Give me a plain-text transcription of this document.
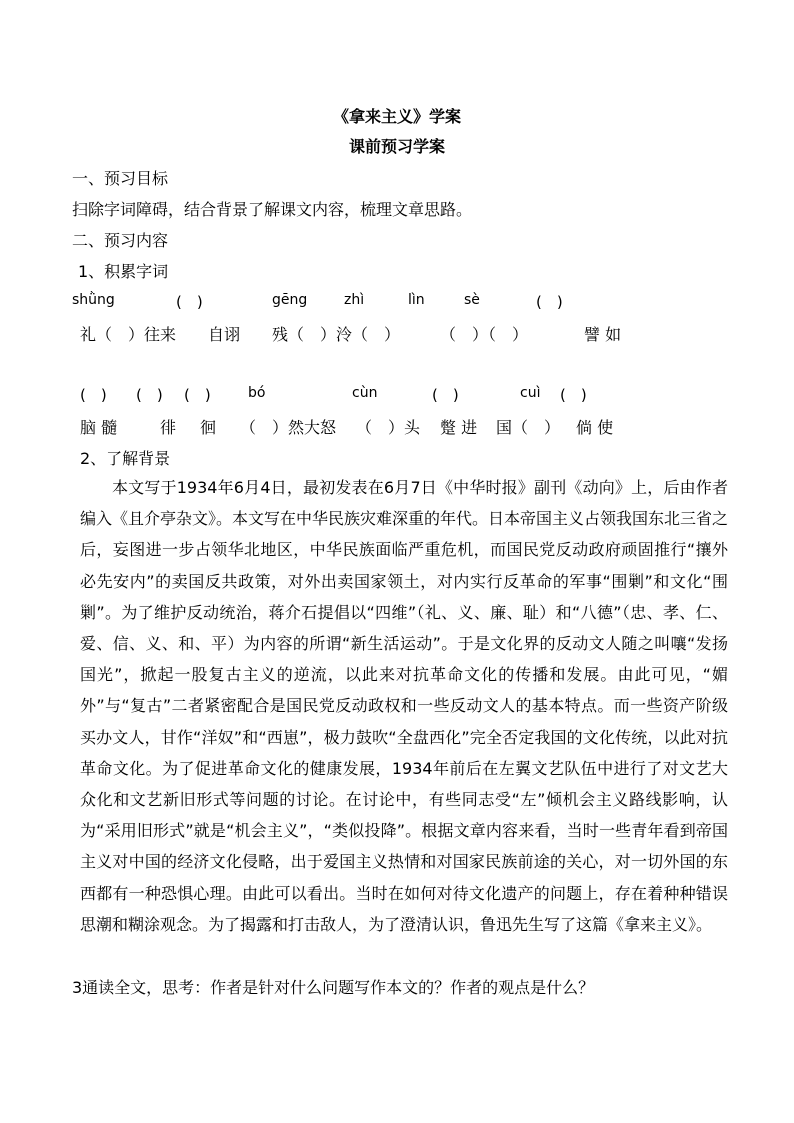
《拿来主义》学案
课前预习学案
一、预习目标
扫除字词障碍，结合背景了解课文内容，梳理文章思路。
二、预习内容
1、积累字词
shǜng	(　)	gēng	zhì	lìn	sè	(　)
礼（　）往来 自诩 残（　）泠（　） （　）（　）	譬 如
(　) (　) (　)	bó	cùn	(　)	cuì (　)
脑 髓	徘 徊 （　）然大怒 （　）头 蹩 进 国（　） 倘 使
2、了解背景

本文写于1934年6月4日，最初发表在6月7日《中华时报》副刊《动向》上，后由作者编入《且介亭杂文》。本文写在中华民族灾难深重的年代。日本帝国主义占领我国东北三省之后，妄图进一步占领华北地区，中华民族面临严重危机，而国民党反动政府顽固推行“攘外必先安内”的卖国反共政策，对外出卖国家领土，对内实行反革命的军事“围剿”和文化“围剿”。为了维护反动统治，蒋介石提倡以“四维”（礼、义、廉、耻）和“八德”（忠、孝、仁、爱、信、义、和、平）为内容的所谓“新生活运动”。于是文化界的反动文人随之叫嚷“发扬国光”，掀起一股复古主义的逆流，以此来对抗革命文化的传播和发展。由此可见，“媚外”与“复古”二者紧密配合是国民党反动政权和一些反动文人的基本特点。而一些资产阶级买办文人，甘作“洋奴”和“西崽”，极力鼓吹“全盘西化”完全否定我国的文化传统，以此对抗革命文化。为了促进革命文化的健康发展，1934年前后在左翼文艺队伍中进行了对文艺大众化和文艺新旧形式等问题的讨论。在讨论中，有些同志受“左”倾机会主义路线影响，认为“采用旧形式”就是“机会主义”，“类似投降”。根据文章内容来看，当时一些青年看到帝国主义对中国的经济文化侵略，出于爱国主义热情和对国家民族前途的关心，对一切外国的东西都有一种恐惧心理。由此可以看出。当时在如何对待文化遗产的问题上，存在着种种错误思潮和糊涂观念。为了揭露和打击敌人，为了澄清认识，鲁迅先生写了这篇《拿来主义》。

3通读全文，思考：作者是针对什么问题写作本文的？作者的观点是什么？
